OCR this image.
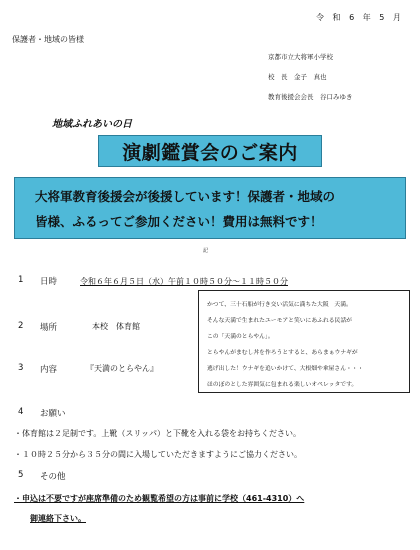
令 和 6 年 5 月
保護者・地域の皆様
京都市立大将軍小学校
校　長　金子　真也
教育後援会会長　谷口みゆき
地域ふれあいの日
演劇鑑賞会のご案内
大将軍教育後援会が後援しています！保護者・地域の
皆様、ふるってご参加ください！費用は無料です！
記
1 日時	令和６年６月５日（水）午前１０時５０分～１１時５０分
2 場所	本校　体育館
3 内容	『天満のとらやん』
4 お願い
かつて、三十石船が行き交い活気に満ちた大阪　天満。
そんな天満で生まれたユーモアと笑いにあふれる民話が
この「天満のとらやん」。
とらやんがまむし丼を作ろうとすると、あらまぁウナギが
逃げ出した！ウナギを追いかけて、大根畑や傘屋さん・・・
ほのぼのとした雰囲気に包まれる楽しいオペレッタです。
・体育館は２足制です。上靴（スリッパ）と下靴を入れる袋をお持ちください。
・１０時２５分から３５分の間に入場していただきますようにご協力ください。
5 その他
・申込は不要ですが座席準備のため観覧希望の方は事前に学校（461-4310）へ
御連絡下さい。
